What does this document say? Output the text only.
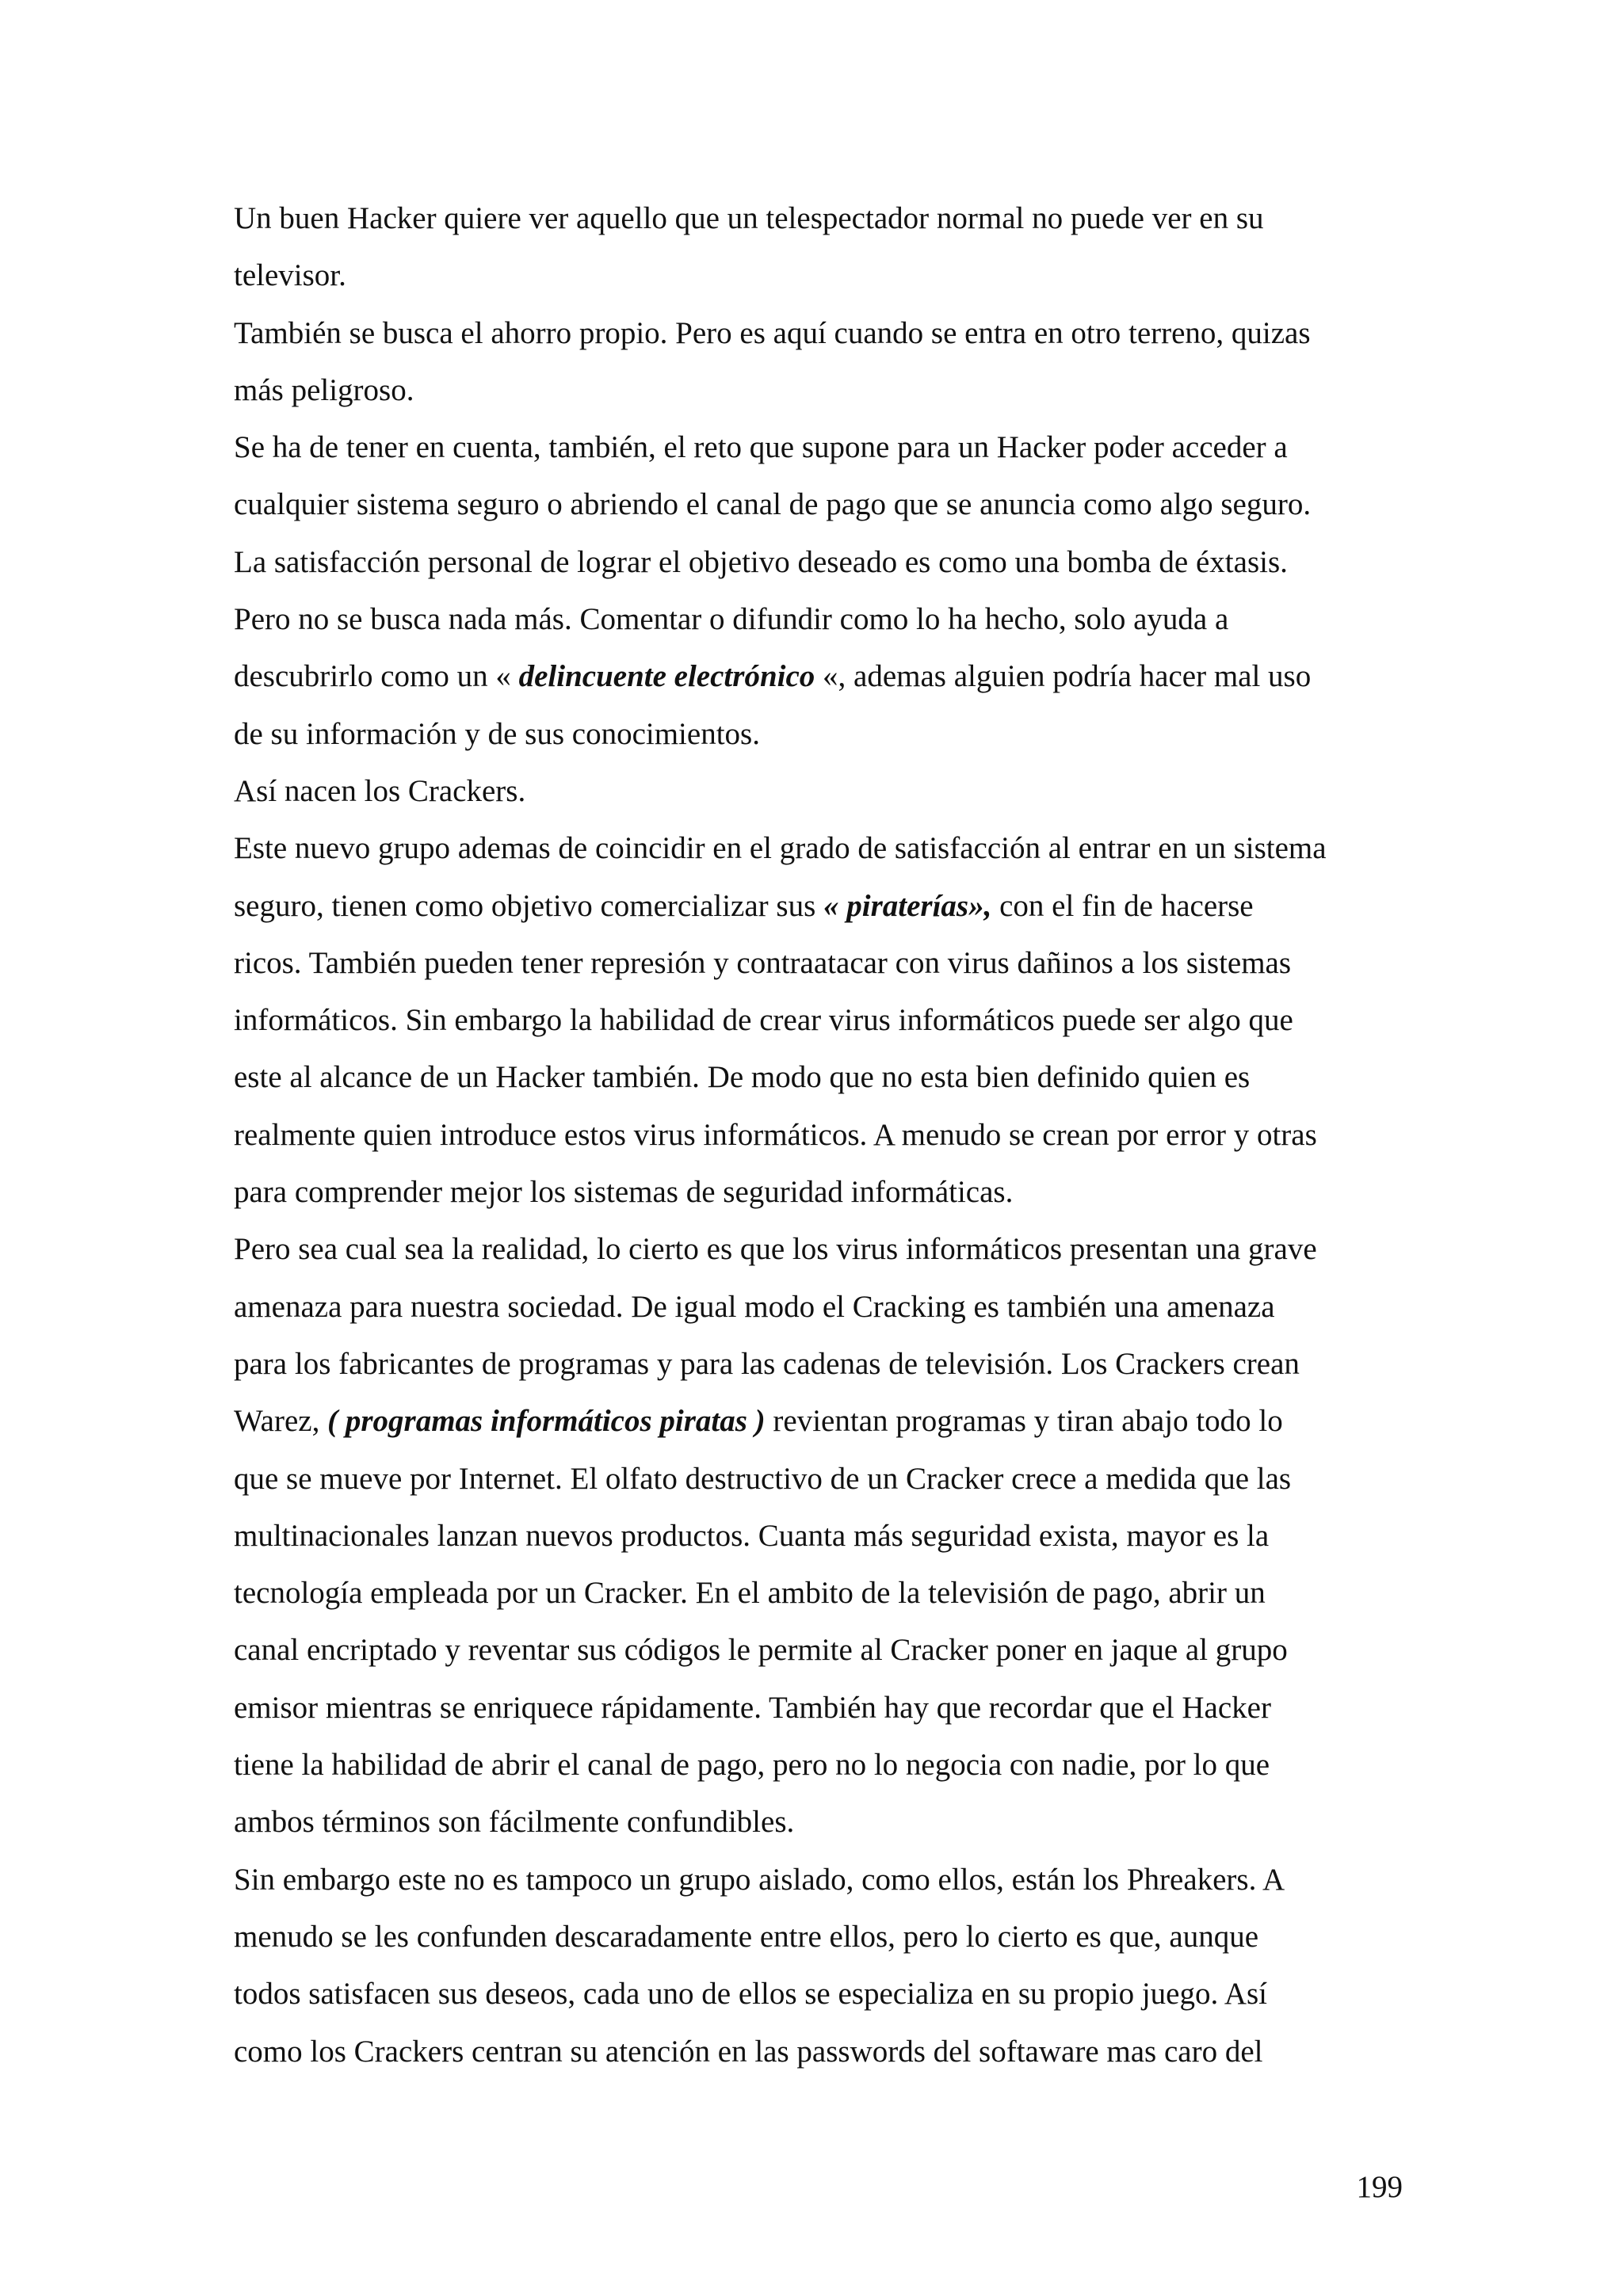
Un buen Hacker quiere ver aquello que un telespectador normal no puede ver en su
televisor.
También se busca el ahorro propio. Pero es aquí cuando se entra en otro terreno, quizas
más peligroso.
Se ha de tener en cuenta, también, el reto que supone para un Hacker poder acceder a
cualquier sistema seguro o abriendo el canal de pago que se anuncia como algo seguro.
La satisfacción personal de lograr el objetivo deseado es como una bomba de éxtasis.
Pero no se busca nada más. Comentar o difundir como lo ha hecho, solo ayuda a
descubrirlo como un « delincuente electrónico «, ademas alguien podría hacer mal uso
de su información y de sus conocimientos.
Así nacen los Crackers.
Este nuevo grupo ademas de coincidir en el grado de satisfacción al entrar en un sistema
seguro, tienen como objetivo comercializar sus « piraterías», con el fin de hacerse
ricos. También pueden tener represión y contraatacar con virus dañinos a los sistemas
informáticos. Sin embargo la habilidad de crear virus informáticos puede ser algo que
este al alcance de un Hacker también. De modo que no esta bien definido quien es
realmente quien introduce estos virus informáticos. A menudo se crean por error y otras
para comprender mejor los sistemas de seguridad informáticas.
Pero sea cual sea la realidad, lo cierto es que los virus informáticos presentan una grave
amenaza para nuestra sociedad. De igual modo el Cracking es también una amenaza
para los fabricantes de programas y para las cadenas de televisión. Los Crackers crean
Warez, ( programas informáticos piratas ) revientan programas y tiran abajo todo lo
que se mueve por Internet. El olfato destructivo de un Cracker crece a medida que las
multinacionales lanzan nuevos productos. Cuanta más seguridad exista, mayor es la
tecnología empleada por un Cracker. En el ambito de la televisión de pago, abrir un
canal encriptado y reventar sus códigos le permite al Cracker poner en jaque al grupo
emisor mientras se enriquece rápidamente. También hay que recordar que el Hacker
tiene la habilidad de abrir el canal de pago, pero no lo negocia con nadie, por lo que
ambos términos son fácilmente confundibles.
Sin embargo este no es tampoco un grupo aislado, como ellos, están los Phreakers. A
menudo se les confunden descaradamente entre ellos, pero lo cierto es que, aunque
todos satisfacen sus deseos, cada uno de ellos se especializa en su propio juego. Así
como los Crackers centran su atención en las passwords del softaware mas caro del
199
